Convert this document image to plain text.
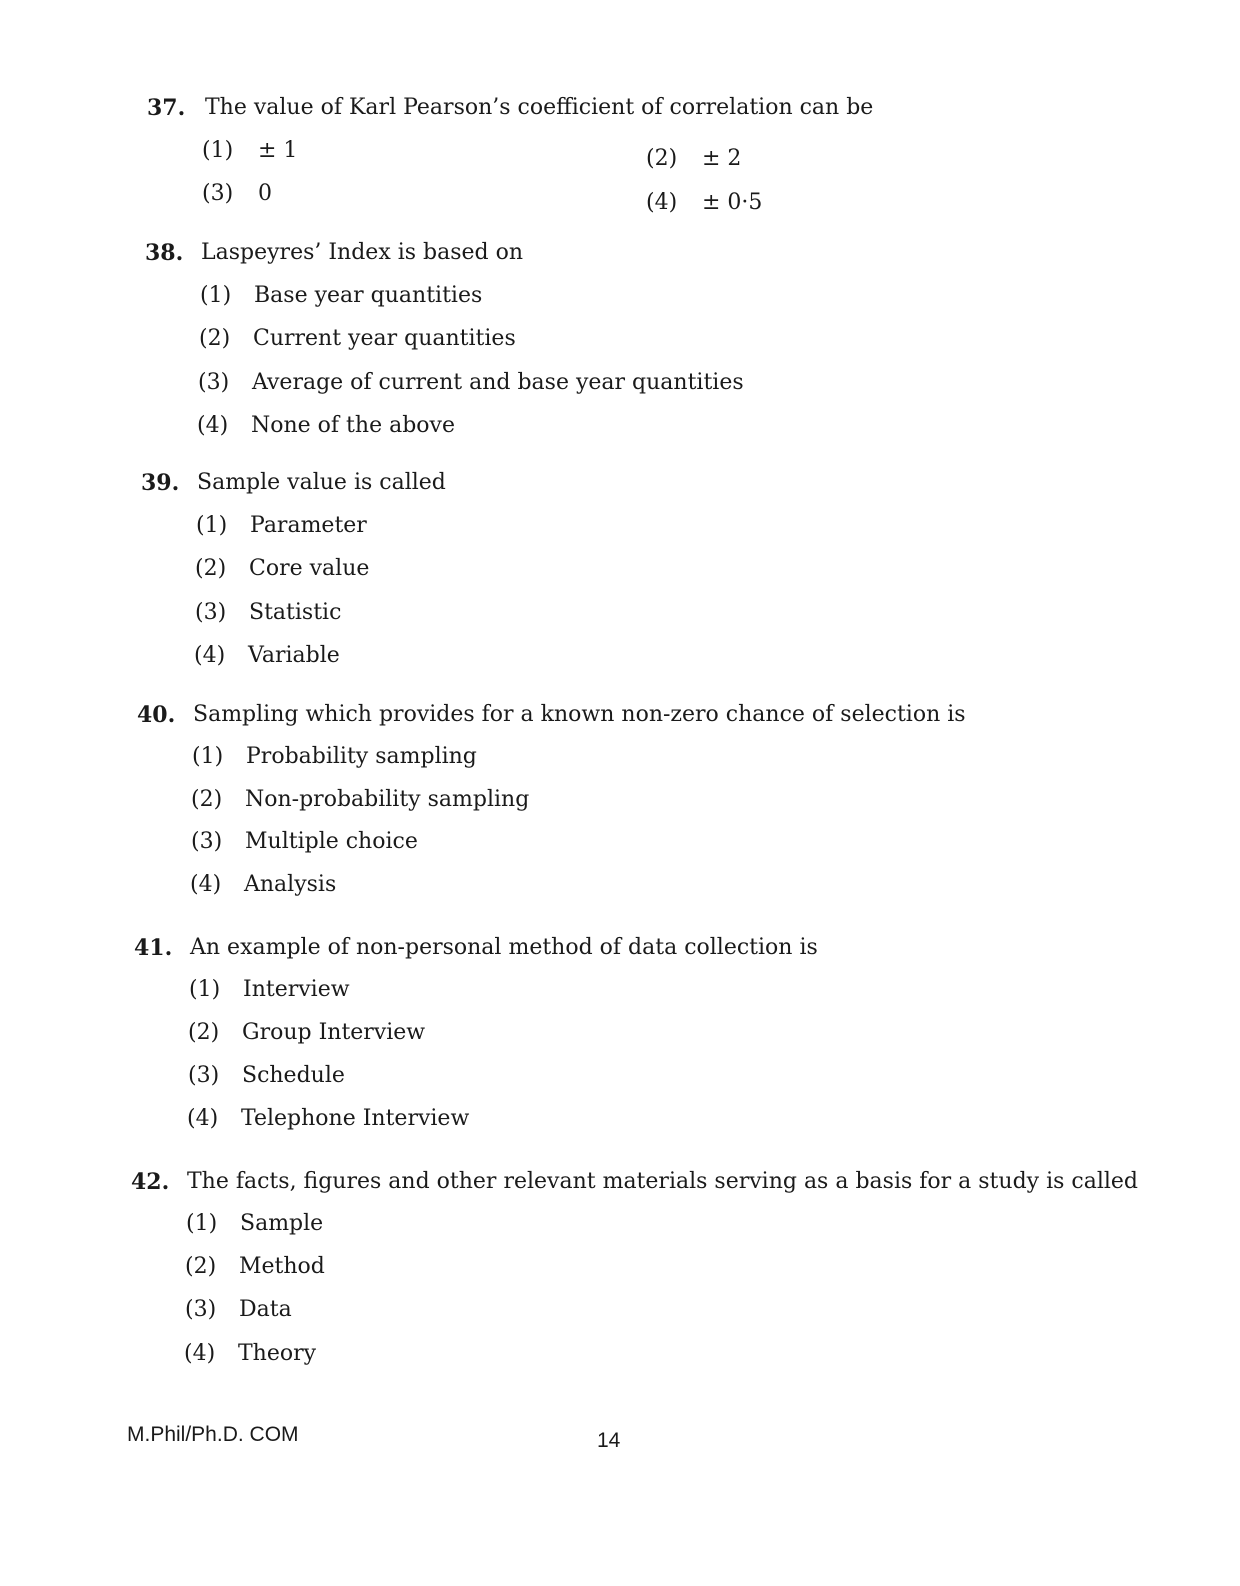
37. The value of Karl Pearson’s coefficient of correlation can be
(1) ± 1	(2) ± 2
(3) 0	(4) ± 0·5
38. Laspeyres’ Index is based on
(1) Base year quantities
(2) Current year quantities
(3) Average of current and base year quantities
(4) None of the above
39. Sample value is called
(1) Parameter
(2) Core value
(3) Statistic
(4) Variable
40. Sampling which provides for a known non-zero chance of selection is
(1) Probability sampling
(2) Non-probability sampling
(3) Multiple choice
(4) Analysis
41. An example of non-personal method of data collection is
(1) Interview
(2) Group Interview
(3) Schedule
(4) Telephone Interview
42. The facts, figures and other relevant materials serving as a basis for a study is called
(1) Sample
(2) Method
(3) Data
(4) Theory
M.Phil/Ph.D. COM	14
